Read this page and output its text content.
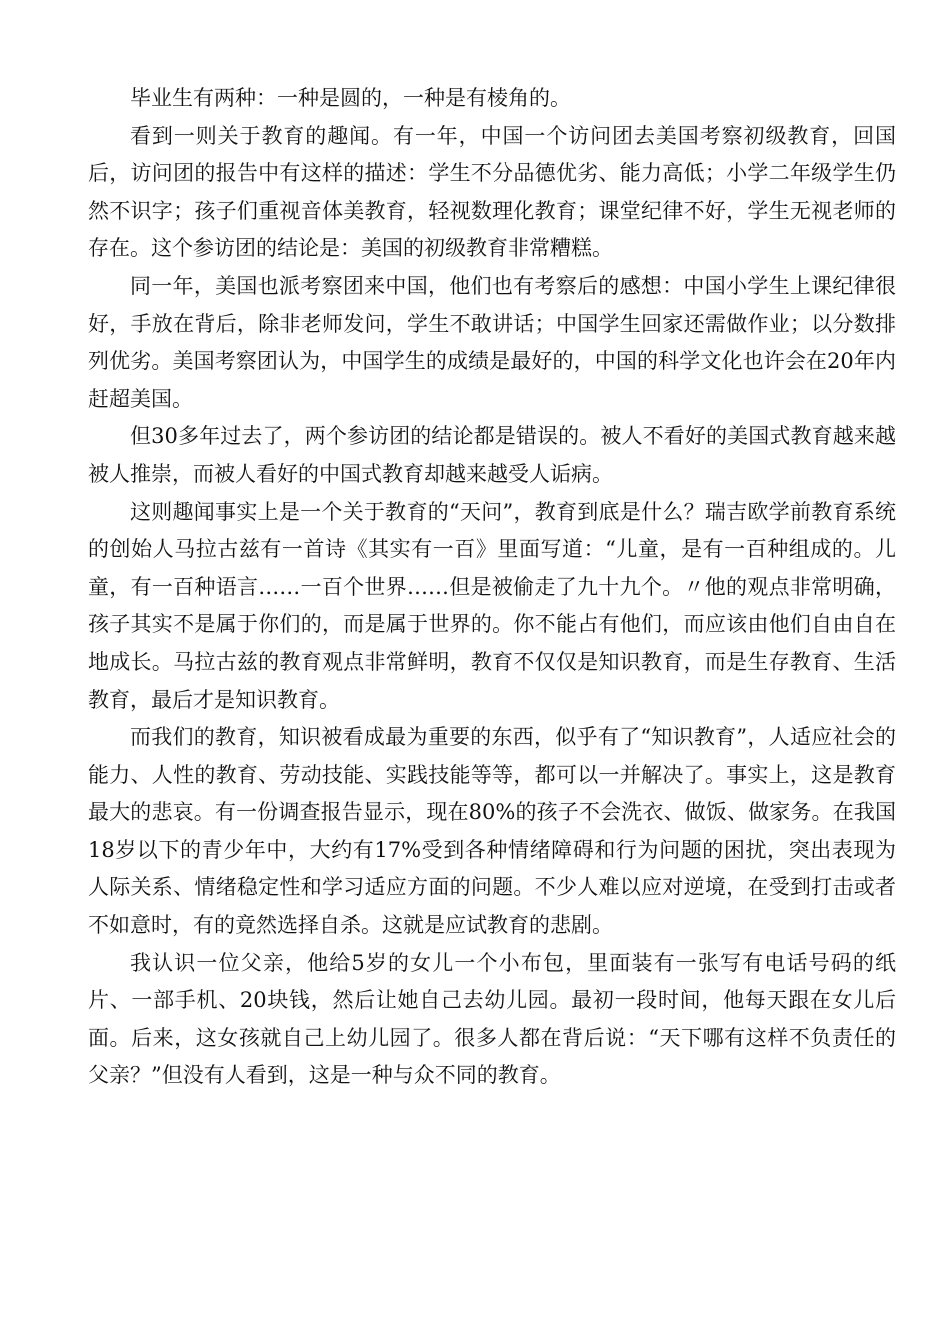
毕业生有两种：一种是圆的，一种是有棱角的。

看到一则关于教育的趣闻。有一年，中国一个访问团去美国考察初级教育，回国后，访问团的报告中有这样的描述：学生不分品德优劣、能力高低；小学二年级学生仍然不识字；孩子们重视音体美教育，轻视数理化教育；课堂纪律不好，学生无视老师的存在。这个参访团的结论是：美国的初级教育非常糟糕。

同一年，美国也派考察团来中国，他们也有考察后的感想：中国小学生上课纪律很好，手放在背后，除非老师发问，学生不敢讲话；中国学生回家还需做作业；以分数排列优劣。美国考察团认为，中国学生的成绩是最好的，中国的科学文化也许会在20年内赶超美国。

但30多年过去了，两个参访团的结论都是错误的。被人不看好的美国式教育越来越被人推崇，而被人看好的中国式教育却越来越受人诟病。

这则趣闻事实上是一个关于教育的“天问”，教育到底是什么？瑞吉欧学前教育系统的创始人马拉古兹有一首诗《其实有一百》里面写道：“儿童，是有一百种组成的。儿童，有一百种语言……一百个世界……但是被偷走了九十九个。〃他的观点非常明确，孩子其实不是属于你们的，而是属于世界的。你不能占有他们，而应该由他们自由自在地成长。马拉古兹的教育观点非常鲜明，教育不仅仅是知识教育，而是生存教育、生活教育，最后才是知识教育。

而我们的教育，知识被看成最为重要的东西，似乎有了“知识教育”，人适应社会的能力、人性的教育、劳动技能、实践技能等等，都可以一并解决了。事实上，这是教育最大的悲哀。有一份调查报告显示，现在80%的孩子不会洗衣、做饭、做家务。在我国18岁以下的青少年中，大约有17%受到各种情绪障碍和行为问题的困扰，突出表现为人际关系、情绪稳定性和学习适应方面的问题。不少人难以应对逆境，在受到打击或者不如意时，有的竟然选择自杀。这就是应试教育的悲剧。

我认识一位父亲，他给5岁的女儿一个小布包，里面装有一张写有电话号码的纸片、一部手机、20块钱，然后让她自己去幼儿园。最初一段时间，他每天跟在女儿后面。后来，这女孩就自己上幼儿园了。很多人都在背后说：“天下哪有这样不负责任的父亲？”但没有人看到，这是一种与众不同的教育。
